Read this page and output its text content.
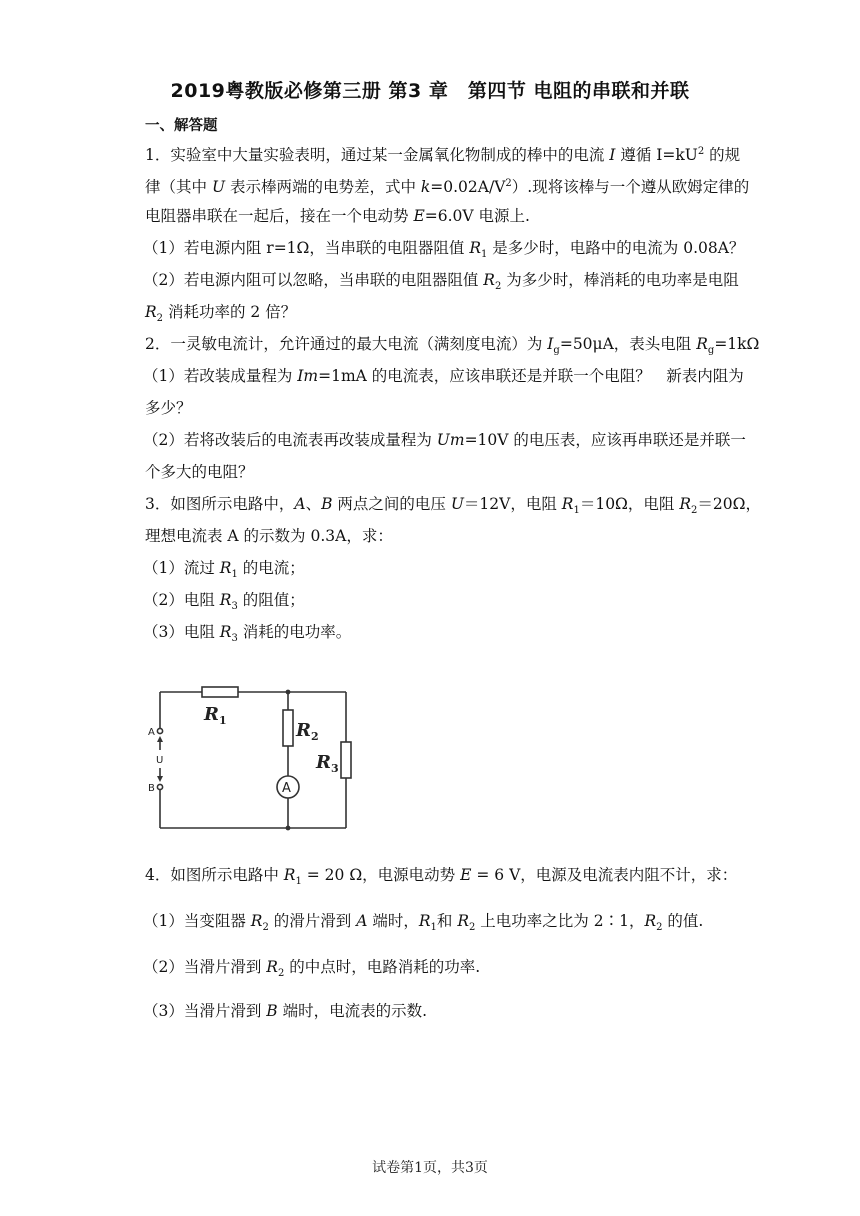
2019粤教版必修第三册 第3 章　第四节 电阻的串联和并联
一、解答题
1．实验室中大量实验表明，通过某一金属氧化物制成的棒中的电流 I 遵循 $I=kU^2$ 的规
律（其中 U 表示棒两端的电势差，式中 $k=0.02A/V^2$）.现将该棒与一个遵从欧姆定律的
电阻器串联在一起后，接在一个电动势 E=6.0V 电源上.
（1）若电源内阻 r=1Ω，当串联的电阻器阻值 $R_1$ 是多少时，电路中的电流为 0.08A？
（2）若电源内阻可以忽略，当串联的电阻器阻值 $R_2$ 为多少时，棒消耗的电功率是电阻
$R_2$ 消耗功率的 2 倍？
2．一灵敏电流计，允许通过的最大电流（满刻度电流）为 $I_g=50\mu A$，表头电阻 $R_g=1k\Omega$
（1）若改装成量程为 Im=1mA 的电流表，应该串联还是并联一个电阻？　新表内阻为
多少？
（2）若将改装后的电流表再改装成量程为 Um=10V 的电压表，应该再串联还是并联一
个多大的电阻？
3．如图所示电路中，A、B 两点之间的电压 U＝12V，电阻 $R_1=10\Omega$，电阻 $R_2=20\Omega$，
理想电流表 A 的示数为 0.3A，求：
（1）流过 $R_1$ 的电流；
（2）电阻 $R_3$ 的阻值；
（3）电阻 $R_3$ 消耗的电功率。
$R_1$	$R_2$
$R_3$
A
A
B
U
4．如图所示电路中 $R_1 = 20$ Ω，电源电动势 E = 6 V，电源及电流表内阻不计，求：
（1）当变阻器 $R_2$ 的滑片滑到 A 端时，$R_1$和 $R_2$ 上电功率之比为 2∶1，$R_2$ 的值.
（2）当滑片滑到 $R_2$ 的中点时，电路消耗的功率.
（3）当滑片滑到 B 端时，电流表的示数.
试卷第1页，共3页
